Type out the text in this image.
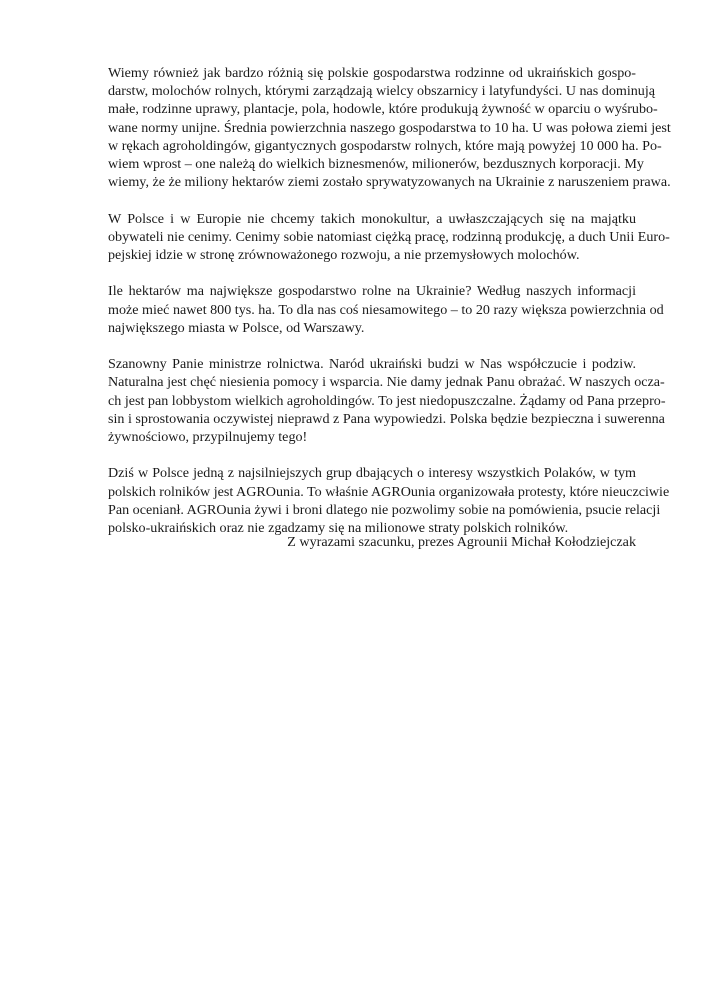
Wiemy również jak bardzo różnią się polskie gospodarstwa rodzinne od ukraińskich gospo-
darstw, molochów rolnych, którymi zarządzają wielcy obszarnicy i latyfundyści. U nas dominują
małe, rodzinne uprawy, plantacje, pola, hodowle, które produkują żywność w oparciu o wyśrubo-
wane normy unijne. Średnia powierzchnia naszego gospodarstwa to 10 ha. U was połowa ziemi jest
w rękach agroholdingów, gigantycznych gospodarstw rolnych, które mają powyżej 10 000 ha. Po-
wiem wprost – one należą do wielkich biznesmenów, milionerów, bezdusznych korporacji. My
wiemy, że że miliony hektarów ziemi zostało sprywatyzowanych na Ukrainie z naruszeniem prawa.

W Polsce i w Europie nie chcemy takich monokultur, a uwłaszczających się na majątku
obywateli nie cenimy. Cenimy sobie natomiast ciężką pracę, rodzinną produkcję, a duch Unii Euro-
pejskiej idzie w stronę zrównoważonego rozwoju, a nie przemysłowych molochów.

Ile hektarów ma największe gospodarstwo rolne na Ukrainie? Według naszych informacji
może mieć nawet 800 tys. ha. To dla nas coś niesamowitego – to 20 razy większa powierzchnia od
największego miasta w Polsce, od Warszawy.

Szanowny Panie ministrze rolnictwa. Naród ukraiński budzi w Nas współczucie i podziw.
Naturalna jest chęć niesienia pomocy i wsparcia. Nie damy jednak Panu obrażać. W naszych ocza-
ch jest pan lobbystom wielkich agroholdingów. To jest niedopuszczalne. Żądamy od Pana przepro-
sin i sprostowania oczywistej nieprawd z Pana wypowiedzi. Polska będzie bezpieczna i suwerenna
żywnościowo, przypilnujemy tego!

Dziś w Polsce jedną z najsilniejszych grup dbających o interesy wszystkich Polaków, w tym
polskich rolników jest AGROunia. To właśnie AGROunia organizowała protesty, które nieuczciwie
Pan ocenianł. AGROunia żywi i broni dlatego nie pozwolimy sobie na pomówienia, psucie relacji
polsko-ukraińskich oraz nie zgadzamy się na milionowe straty polskich rolników.

Z wyrazami szacunku, prezes Agrounii Michał Kołodziejczak
